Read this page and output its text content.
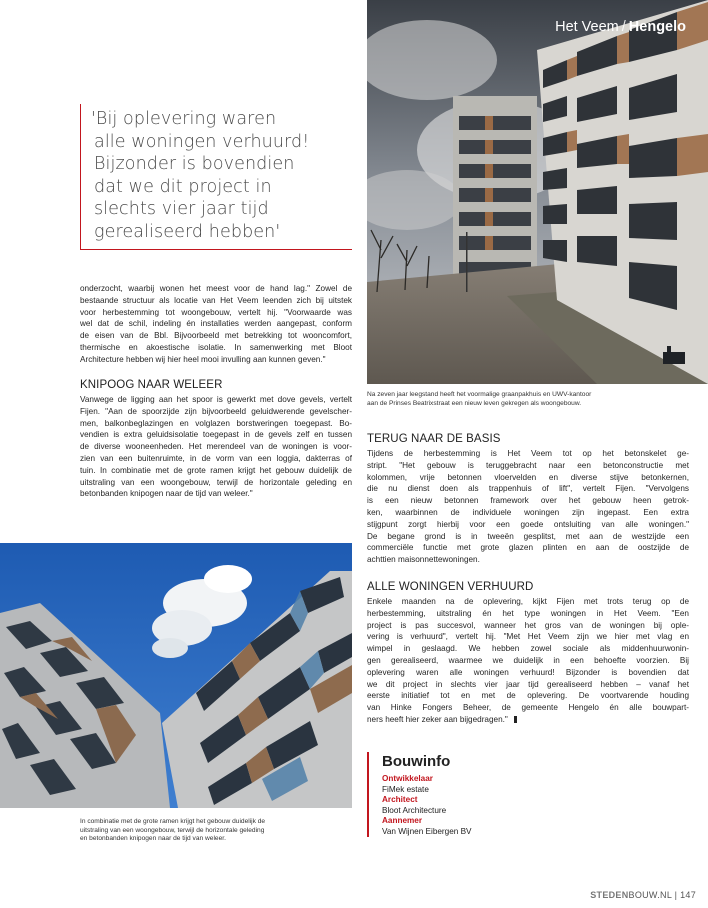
Het Veem / Hengelo
'Bij oplevering waren
alle woningen verhuurd!
Bijzonder is bovendien
dat we dit project in
slechts vier jaar tijd
gerealiseerd hebben'
onderzocht, waarbij wonen het meest voor de hand lag." Zowel de
bestaande structuur als locatie van Het Veem leenden zich bij uitstek
voor herbestemming tot woongebouw, vertelt hij. "Voorwaarde was
wel dat de schil, indeling én installaties werden aangepast, conform
de eisen van de Bbl. Bijvoorbeeld met betrekking tot wooncomfort,
thermische en akoestische isolatie. In samenwerking met Bloot
Architecture hebben wij hier heel mooi invulling aan kunnen geven."
KNIPOOG NAAR WELEER
Vanwege de ligging aan het spoor is gewerkt met dove gevels, vertelt
Fijen. "Aan de spoorzijde zijn bijvoorbeeld geluidwerende gevelscher-
men, balkonbeglazingen en volglazen borstweringen toegepast. Bo-
vendien is extra geluidsisolatie toegepast in de gevels zelf en tussen
de diverse wooneenheden. Het merendeel van de woningen is voor-
zien van een buitenruimte, in de vorm van een loggia, dakterras of
tuin. In combinatie met de grote ramen krijgt het gebouw duidelijk de
uitstraling van een woongebouw, terwijl de horizontale geleding en
betonbanden knipogen naar de tijd van weleer."
Na zeven jaar leegstand heeft het voormalige graanpakhuis en UWV-kantoor
aan de Prinses Beatrixstraat een nieuw leven gekregen als woongebouw.
TERUG NAAR DE BASIS
Tijdens de herbestemming is Het Veem tot op het betonskelet ge-
stript. "Het gebouw is teruggebracht naar een betonconstructie met
kolommen, vrije betonnen vloervelden en diverse stijve betonkernen,
die nu dienst doen als trappenhuis of lift", vertelt Fijen. "Vervolgens
is een nieuw betonnen framework over het gebouw heen getrok-
ken, waarbinnen de individuele woningen zijn ingepast. Een extra
stijgpunt zorgt hierbij voor een goede ontsluiting van alle woningen."
De begane grond is in tweeën gesplitst, met aan de westzijde een
commerciële functie met grote glazen plinten en aan de oostzijde de
achttien maisonnettewoningen.
ALLE WONINGEN VERHUURD
Enkele maanden na de oplevering, kijkt Fijen met trots terug op de
herbestemming, uitstraling én het type woningen in Het Veem. "Een
project is pas succesvol, wanneer het gros van de woningen bij ople-
vering is verhuurd", vertelt hij. "Met Het Veem zijn we hier met vlag en
wimpel in geslaagd. We hebben zowel sociale als middenhuurwonin-
gen gerealiseerd, waarmee we duidelijk in een behoefte voorzien. Bij
oplevering waren alle woningen verhuurd! Bijzonder is bovendien dat
we dit project in slechts vier jaar tijd gerealiseerd hebben – vanaf het
eerste initiatief tot en met de oplevering. De voortvarende houding
van Hinke Fongers Beheer, de gemeente Hengelo én alle bouwpart-
ners heeft hier zeker aan bijgedragen."
In combinatie met de grote ramen krijgt het gebouw duidelijk de
uitstraling van een woongebouw, terwijl de horizontale geleding
en betonbanden knipogen naar de tijd van weleer.
Bouwinfo
Ontwikkelaar
FiMek estate
Architect
Bloot Architecture
Aannemer
Van Wijnen Eibergen BV
STEDENBOUW.NL | 147
